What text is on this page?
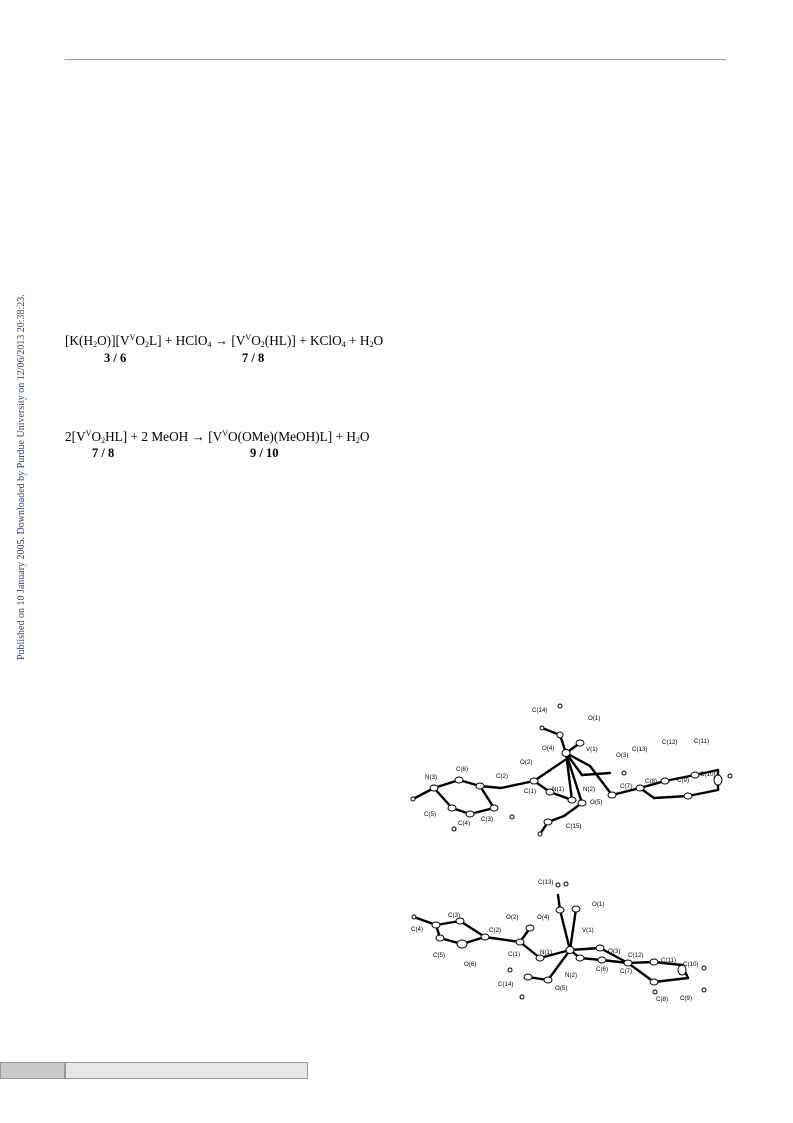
Published on 10 January 2005. Downloaded by Purdue University on 12/06/2013 20:38:23.	$[K(H_2O)][V^VO_2L]$ + HClO$_4$ → $[V^VO_2(HL)]$ + KClO$_4$ + $H_2O$
3 / 6	7 / 8
$2[V^VO_2HL] + 2$ MeOH → $[V^VO(OMe)(MeOH)L] + H_2O$
7 / 8	9 / 10
C(14)
O(1)
O(4)	V(1)
O(3)
C(13)
C(12)	C(11)
O(2)
C(6)
C(2)
N(3)
C(1)	N(1)	N(2)	C(7)
C(8)	C(9)
C(10)
O(5)
C(5)
C(4)
C(3)
C(15)
C(13)
O(1)
C(3)	O(2)	O(4)
V(1)
C(4)	C(2)
C(1)	N(1)	O(3)
C(12)
C(11)
C(10)
C(5)
O(6)
N(2)
C(6) C(7)
C(14)
O(5)
C(8) C(9)
